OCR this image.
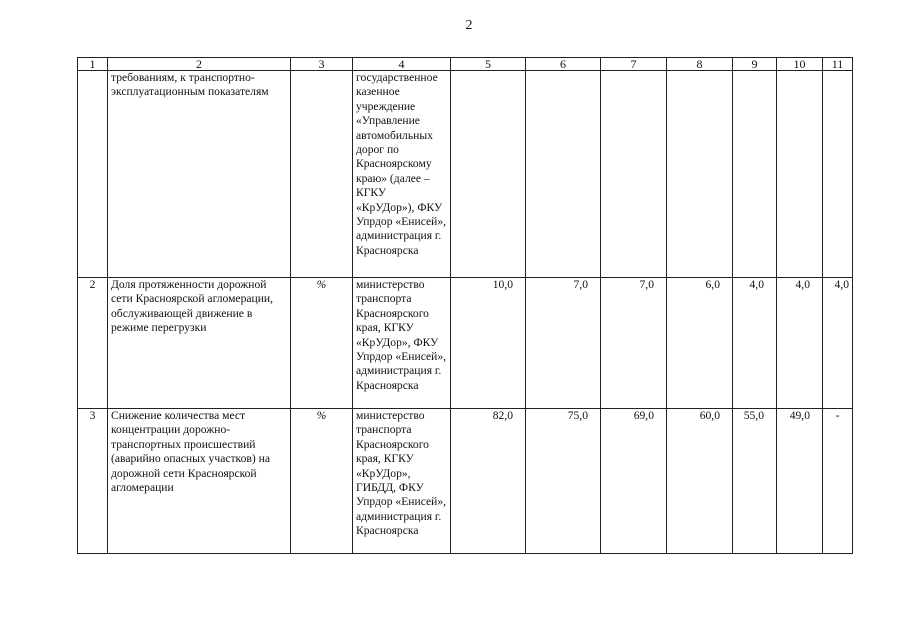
2
1	2	3	4	5	6	7	8	9	10	11
	требованиям, к транспортно-эксплуатационным показателям		государственное казенное учреждение «Управление автомобильных дорог по Красноярскому краю» (далее – КГКУ «КрУДор»), ФКУ Упрдор «Енисей», администрация г. Красноярска							
2	Доля протяженности дорожной сети Красноярской агломерации, обслуживающей движение в режиме перегрузки	%	министерство транспорта Красноярского края, КГКУ «КрУДор», ФКУ Упрдор «Енисей», администрация г. Красноярска	10,0	7,0	7,0	6,0	4,0	4,0	4,0
3	Снижение количества мест концентрации дорожно-транспортных происшествий (аварийно опасных участков) на дорожной сети Красноярской агломерации	%	министерство транспорта Красноярского края, КГКУ «КрУДор», ГИБДД, ФКУ Упрдор «Енисей», администрация г. Красноярска	82,0	75,0	69,0	60,0	55,0	49,0	-
